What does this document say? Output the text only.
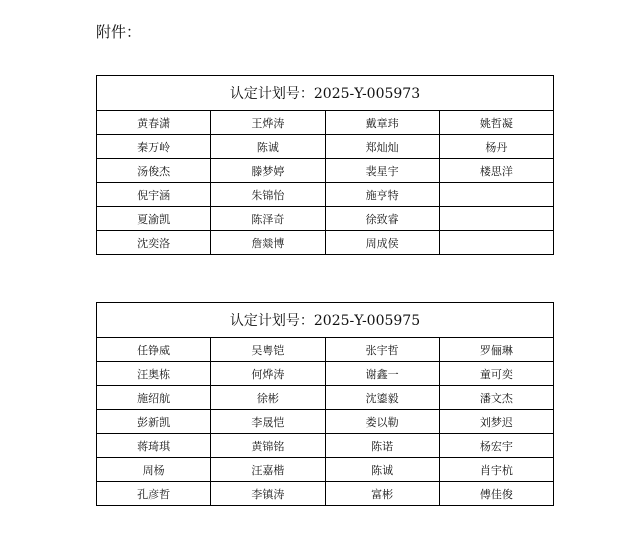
附件：
认定计划号：2025-Y-005973			
黄春潇	王烨涛	戴章玮	姚哲凝
秦万岭	陈诚	郑灿灿	杨丹
汤俊杰	滕梦婷	裴星宇	楼思洋
倪宇涵	朱锦怡	施亨特	
夏渝凯	陈泽奇	徐致睿	
沈奕洛	詹燚博	周成侯	
认定计划号：2025-Y-005975			
任铮威	吴粤铠	张宇哲	罗俪琳
汪奥栋	何烨涛	谢鑫一	童可奕
施绍航	徐彬	沈鎏毅	潘文杰
彭新凯	李晟恺	娄以勒	刘梦迟
蒋琦琪	黄锦铭	陈诺	杨宏宇
周杨	汪嘉楷	陈诚	肖宇杭
孔彦哲	李镇涛	富彬	傅佳俊
